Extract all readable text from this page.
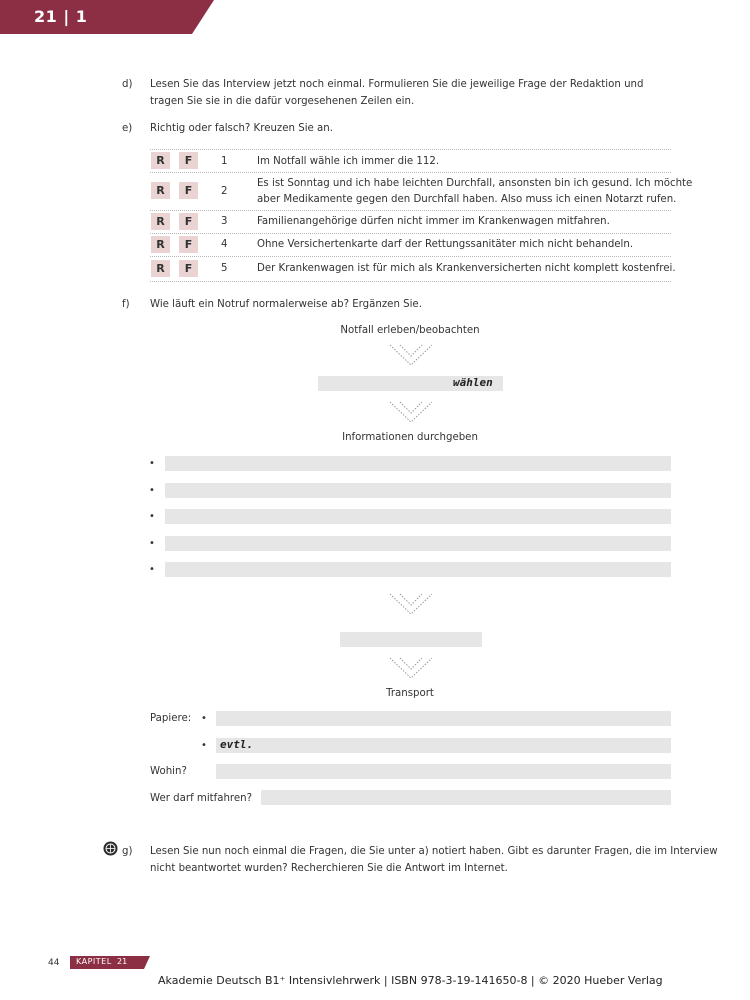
21 | 1
d) Lesen Sie das Interview jetzt noch einmal. Formulieren Sie die jeweilige Frage der Redaktion und
tragen Sie sie in die dafür vorgesehenen Zeilen ein.
e) Richtig oder falsch? Kreuzen Sie an.
R	F	1	Im Notfall wähle ich immer die 112.
R	F	2
Es ist Sonntag und ich habe leichten Durchfall, ansonsten bin ich gesund. Ich möchte
aber Medikamente gegen den Durchfall haben. Also muss ich einen Notarzt rufen.
R	F	3	Familienangehörige dürfen nicht immer im Krankenwagen mitfahren.
R	F	4	Ohne Versichertenkarte darf der Rettungssanitäter mich nicht behandeln.
R	F	5	Der Krankenwagen ist für mich als Krankenversicherten nicht komplett kostenfrei.
f) Wie läuft ein Notruf normalerweise ab? Ergänzen Sie.
Notfall erleben/beobachten
wählen
Informationen durchgeben
•
•
•
•
•
Transport
Papiere: •
• evtl.
Wohin?
Wer darf mitfahren?
g) Lesen Sie nun noch einmal die Fragen, die Sie unter a) notiert haben. Gibt es darunter Fragen, die im Interview
nicht beantwortet wurden? Recherchieren Sie die Antwort im Internet.
44 KAPITEL 21
Akademie Deutsch B1⁺ Intensivlehrwerk | ISBN 978-3-19-141650-8 | © 2020 Hueber Verlag
